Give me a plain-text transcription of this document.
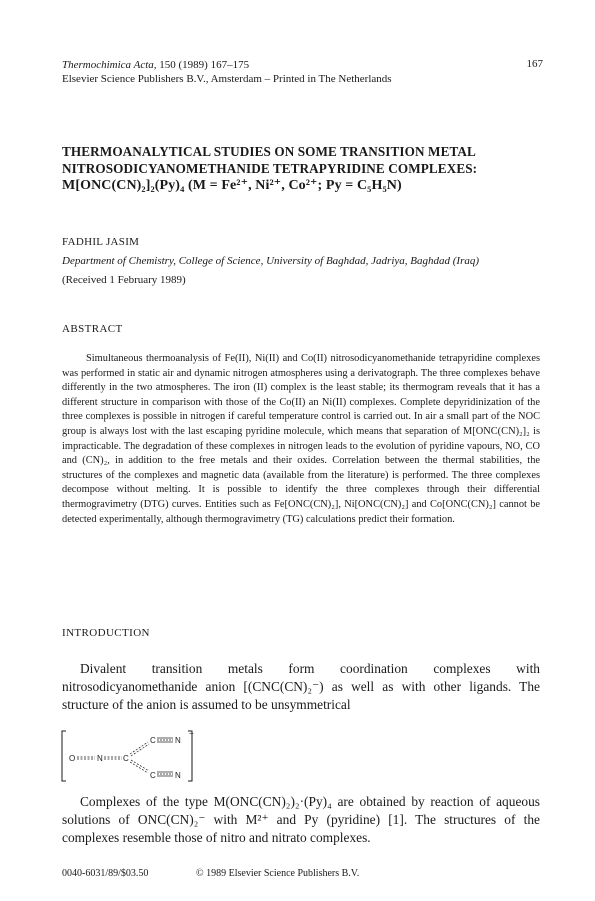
Thermochimica Acta, 150 (1989) 167–175	167
Elsevier Science Publishers B.V., Amsterdam – Printed in The Netherlands
THERMOANALYTICAL STUDIES ON SOME TRANSITION METAL
NITROSODICYANOMETHANIDE TETRAPYRIDINE COMPLEXES:
M[ONC(CN)₂]₂(Py)₄ (M = Fe²⁺, Ni²⁺, Co²⁺; Py = C₅H₅N)
FADHIL JASIM
Department of Chemistry, College of Science, University of Baghdad, Jadriya, Baghdad (Iraq)
(Received 1 February 1989)
ABSTRACT

Simultaneous thermoanalysis of Fe(II), Ni(II) and Co(II) nitrosodicyanomethanide tetrapyridine complexes was performed in static air and dynamic nitrogen atmospheres using a derivatograph. The three complexes behave differently in the two atmospheres. The iron (II) complex is the least stable; its thermogram reveals that it has a different structure in comparison with those of the Co(II) an Ni(II) complexes. Complete depyridinization of the three complexes is possible in nitrogen if careful temperature control is carried out. In air a small part of the NOC group is always lost with the last escaping pyridine molecule, which means that separation of M[ONC(CN)₂]₂ is impracticable. The degradation of these complexes in nitrogen leads to the evolution of pyridine vapours, NO, CO and (CN)₂, in addition to the free metals and their oxides. Correlation between the thermal stabilities, the structures of the complexes and magnetic data (available from the literature) is performed. The three complexes decompose without melting. It is possible to identify the three complexes through their differential thermogravimetry (DTG) curves. Entities such as Fe[ONC(CN)₂], Ni[ONC(CN)₂] and Co[ONC(CN)₂] cannot be detected experimentally, although thermogravimetry (TG) calculations predict their formation.

INTRODUCTION

Divalent transition metals form coordination complexes with nitrosodicyanomethanide anion [(CNC(CN)₂⁻) as well as with other ligands. The structure of the anion is assumed to be unsymmetrical

−
O	N	C
C N
C N

Complexes of the type M(ONC(CN)₂)₂·(Py)₄ are obtained by reaction of aqueous solutions of ONC(CN)₂⁻ with M²⁺ and Py (pyridine) [1]. The structures of the complexes resemble those of nitro and nitrato complexes.

0040-6031/89/$03.50	© 1989 Elsevier Science Publishers B.V.
